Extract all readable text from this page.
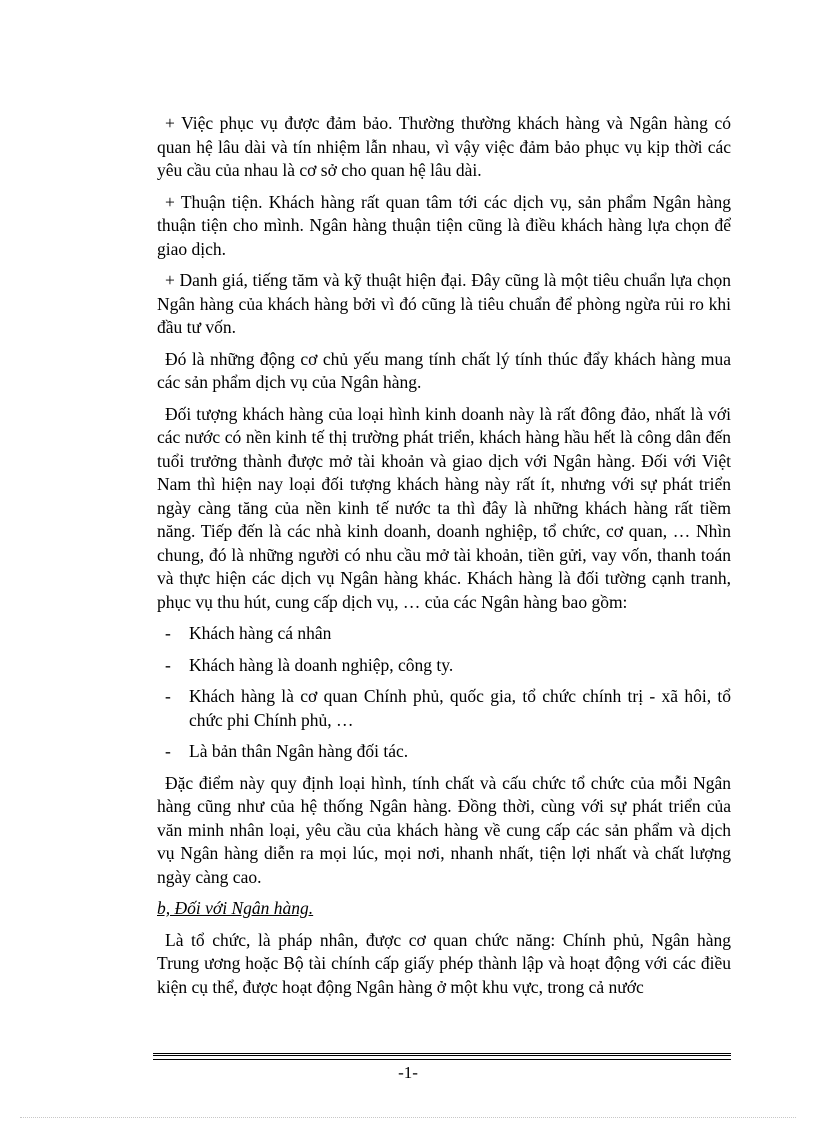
+ Việc phục vụ được đảm bảo. Thường thường khách hàng và Ngân hàng có quan hệ lâu dài và tín nhiệm lẫn nhau, vì vậy việc đảm bảo phục vụ kịp thời các yêu cầu của nhau là cơ sở cho quan hệ lâu dài.

+ Thuận tiện. Khách hàng rất quan tâm tới các dịch vụ, sản phẩm Ngân hàng thuận tiện cho mình. Ngân hàng thuận tiện cũng là điều khách hàng lựa chọn để giao dịch.

+ Danh giá, tiếng tăm và kỹ thuật hiện đại. Đây cũng là một tiêu chuẩn lựa chọn Ngân hàng của khách hàng bởi vì đó cũng là tiêu chuẩn để phòng ngừa rủi ro khi đầu tư vốn.

Đó là những động cơ chủ yếu mang tính chất lý tính thúc đẩy khách hàng mua các sản phẩm dịch vụ của Ngân hàng.

Đối tượng khách hàng của loại hình kinh doanh này là rất đông đảo, nhất là với các nước có nền kinh tế thị trường phát triển, khách hàng hầu hết là công dân đến tuổi trưởng thành được mở tài khoản và giao dịch với Ngân hàng. Đối với Việt Nam thì hiện nay loại đối tượng khách hàng này rất ít, nhưng với sự phát triển ngày càng tăng của nền kinh tế nước ta thì đây là những khách hàng rất tiềm năng. Tiếp đến là các nhà kinh doanh, doanh nghiệp, tổ chức, cơ quan, … Nhìn chung, đó là những người có nhu cầu mở tài khoản, tiền gửi, vay vốn, thanh toán và thực hiện các dịch vụ Ngân hàng khác. Khách hàng là đối tường cạnh tranh, phục vụ thu hút, cung cấp dịch vụ, … của các Ngân hàng bao gồm:

- Khách hàng cá nhân
- Khách hàng là doanh nghiệp, công ty.
- Khách hàng là cơ quan Chính phủ, quốc gia, tổ chức chính trị - xã hôi, tổ chức phi Chính phủ, …
- Là bản thân Ngân hàng đối tác.

Đặc điểm này quy định loại hình, tính chất và cấu chức tổ chức của mỗi Ngân hàng cũng như của hệ thống Ngân hàng. Đồng thời, cùng với sự phát triển của văn minh nhân loại, yêu cầu của khách hàng về cung cấp các sản phẩm và dịch vụ Ngân hàng diễn ra mọi lúc, mọi nơi, nhanh nhất, tiện lợi nhất và chất lượng ngày càng cao.

b, Đối với Ngân hàng.

Là tổ chức, là pháp nhân, được cơ quan chức năng: Chính phủ, Ngân hàng Trung ương hoặc Bộ tài chính cấp giấy phép thành lập và hoạt động với các điều kiện cụ thể, được hoạt động Ngân hàng ở một khu vực, trong cả nước

-1-
